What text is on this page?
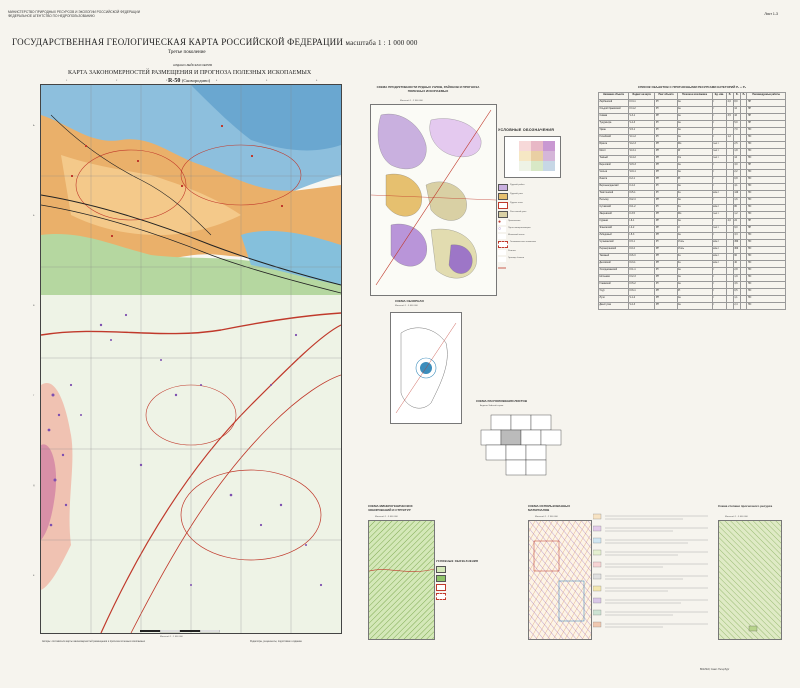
МИНИСТЕРСТВО ПРИРОДНЫХ РЕСУРСОВ И ЭКОЛОГИИ РОССИЙСКОЙ ФЕДЕРАЦИИ
ФЕДЕРАЛЬНОЕ АГЕНТСТВО ПО НЕДРОПОЛЬЗОВАНИЮ	Лист 1-3
ГОСУДАРСТВЕННАЯ ГЕОЛОГИЧЕСКАЯ КАРТА РОССИЙСКОЙ ФЕДЕРАЦИИ масштаба 1 : 1 000 000
Третье поколение
АЛДАНО-ЗЕЙСКАЯ СЕРИЯ
КАРТА ЗАКОНОМЕРНОСТЕЙ РАЗМЕЩЕНИЯ И ПРОГНОЗА ПОЛЕЗНЫХ ИСКОПАЕМЫХ
R-50 (Сковородино)
А
Б
В
Г
Д
Е
1	2	3	4	5	6
Масштаб 1 : 1 000 000
СХЕМА ПРОДУКТИВНОСТИ РУДНЫХ УЗЛОВ, РАЙОНОВ И ПРОГНОЗА ПОЛЕЗНЫХ ИСКОПАЕМЫХ
Масштаб 1 : 2 500 000
УСЛОВНЫЕ ОБОЗНАЧЕНИЯ
Рудный район
Рудный узел
Рудное поле
Россыпной узел
●	Проявление
○	Пункт минерализации
Шлиховой поток
Геохимическая аномалия
Разлом
Граница блоков
СХЕМА ОБЗОРНАЯ
Масштаб 1 : 5 000 000
СХЕМА РАСПОЛОЖЕНИЯ ЛИСТОВ
Алдано-Зейской серии
СХЕМА МИНЕРАГЕНИЧЕСКИХ ЗОНИРОВАНИЙ И СТРУКТУР
Масштаб 1 : 5 000 000
УСЛОВНЫЕ ОБОЗНАЧЕНИЯ
СХЕМА ИСПОЛЬЗОВАННЫХ МАТЕРИАЛОВ
Масштаб 1 : 2 500 000
Схема степени прогнозного ресурса
Масштаб 1 : 5 000 000
СПИСОК ОБЪЕКТОВ С ПРОГНОЗНЫМИ РЕСУРСАМИ КАТЕГОРИЙ P₁ + P₂
Название объекта	Индекс на карте	Ранг объекта	Полезное ископаемое	Ед. изм.	P₁	P₂	P₃	Рекомендуемые работы
Ларбинский	IV-3-1	РУ	Au	т	2,0	8,0		ПР
Ольдой-Ураковский	IV-4-2	РУ	Au	т		12		ПР
Сиваки	V-3-1	РР	Au	т	3,5	16		ПР
Тукурингра	V-4-3	РУ	Au	т		5,0		ПР
Уркан	V-5-1	РУ	Au	т		7,0		ПО
Гилюйский	VI-1-2	РУ	Au	т	1,2			ПО
Брянта	VI-2-3	РП	Mo	тыс.т		2,5		ПО
Могот	VI-3-1	РП	W	тыс.т		1,8		ПО
Темный	VI-4-2	РП	Cu	тыс.т		14		ПО
Береговой	VI-5-3	РП	Au	т		3,0		ПР
Чильчи	VI-6-1	РП	Au	т		2,2		ПО
Инагли	II-2-1	РП	Pt	т		0,8		ПО
Верхнеалданский	II-4-2	РУ	Au	т		4,1		ПО
Тимптонский	III-5-1	РУ	Fe	млн.т		120		ПО
Нельгюу	III-2-4	РП	Au	т		1,6		ПО
Сутамский	III-1-2	РУ	Fe	млн.т		80		ПО
Зверевский	II-3-5	РП	Mo	тыс.т		1,2		ПО
Куранах	I-6-1	РР	Au	т	4,0	22		ПР
Эльконский	I-4-2	РР	U	тыс.т		9,0		ПР
Лебединый	I-5-3	РП	Au	т		3,3		ПО
Чульманский	II-5-1	РУ	Уголь	млн.т		450		ПО
Нерюнгринский	II-6-2	РР	Уголь	млн.т		300		ПО
Таёжный	III-6-3	РП	Fe	млн.т		60		ПО
Десовский	III-3-1	РП	Fe	млн.т		40		ПО
Холодниканский	IV-1-1	РУ	Au	т		2,8		ПО
Ыллымах	IV-2-3	РП	Au	т		1,9		ПО
Гонамский	IV-5-2	РУ	Au	т		3,6		ПО
Учур	IV-6-1	РП	Pt	т		0,5		ПО
Лучи	V-1-2	РП	Au	т		1,1		ПО
Джелтулак	V-2-3	РП	Au	т		2,4		ПО
Авторы: составители карты закономерностей размещения и прогноза полезных ископаемых	Редакторы, рецензенты, подготовка к изданию
ВСЕГЕИ, Санкт-Петербург
